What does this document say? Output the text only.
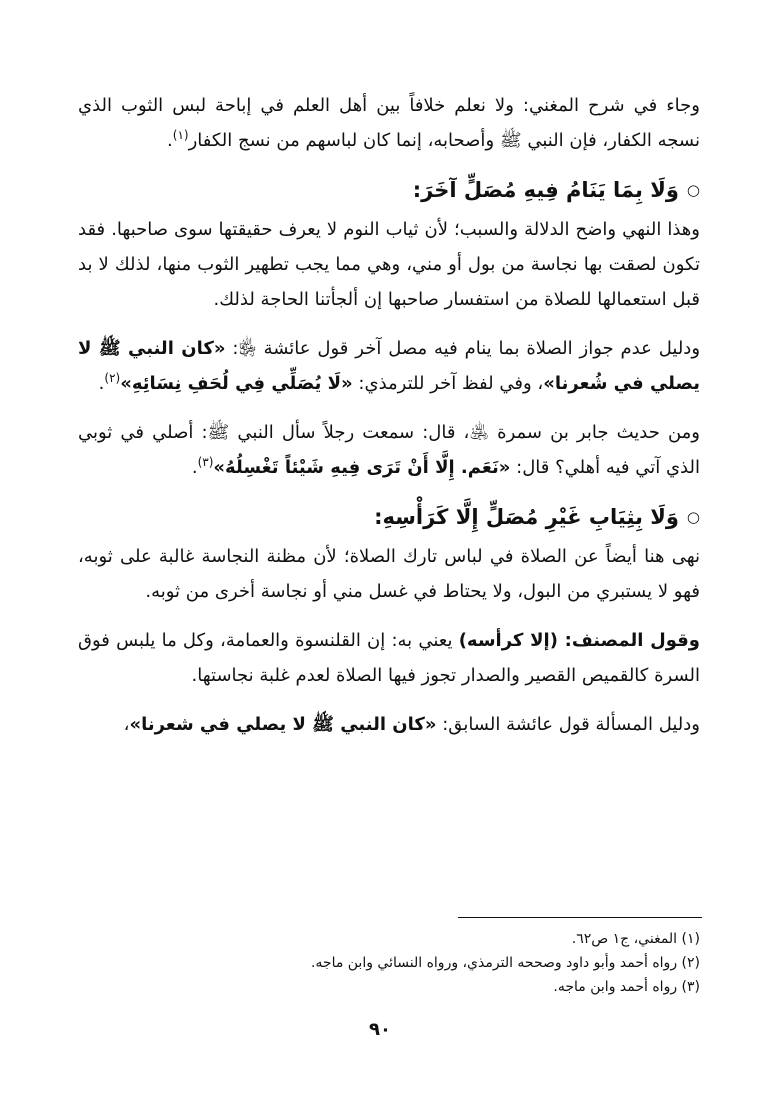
وجاء في شرح المغني: ولا نعلم خلافاً بين أهل العلم في إباحة لبس الثوب الذي نسجه الكفار، فإن النبي ﷺ وأصحابه، إنما كان لباسهم من نسج الكفار$^{(١)}$.

○وَلَا بِمَا يَنَامُ فِيهِ مُصَلٍّ آخَرَ:

وهذا النهي واضح الدلالة والسبب؛ لأن ثياب النوم لا يعرف حقيقتها سوى صاحبها. فقد تكون لصقت بها نجاسة من بول أو مني، وهي مما يجب تطهير الثوب منها، لذلك لا بد قبل استعمالها للصلاة من استفسار صاحبها إن ألجأتنا الحاجة لذلك.

ودليل عدم جواز الصلاة بما ينام فيه مصل آخر قول عائشة ﵂: «كان النبي ﷺ لا يصلي في شُعرنا»، وفي لفظ آخر للترمذي: «لَا يُصَلِّي فِي لُحَفِ نِسَائِهِ»$^{(٢)}$.

ومن حديث جابر بن سمرة ﵁، قال: سمعت رجلاً سأل النبي ﷺ: أصلي في ثوبي الذي آتي فيه أهلي؟ قال: «نَعَم. إِلَّا أَنْ تَرَى فِيهِ شَيْئاً تَغْسِلُهُ»$^{(٣)}$.

○وَلَا بِثِيَابِ غَيْرِ مُصَلٍّ إِلَّا كَرَأْسِهِ:

نهى هنا أيضاً عن الصلاة في لباس تارك الصلاة؛ لأن مظنة النجاسة غالبة على ثوبه، فهو لا يستبري من البول، ولا يحتاط في غسل مني أو نجاسة أخرى من ثوبه.

وقول المصنف: (إلا كرأسه) يعني به: إن القلنسوة والعمامة، وكل ما يلبس فوق السرة كالقميص القصير والصدار تجوز فيها الصلاة لعدم غلبة نجاستها.

ودليل المسألة قول عائشة السابق: «كان النبي ﷺ لا يصلي في شعرنا»،

(١) المغني، ج١ ص٦٢.

(٢) رواه أحمد وأبو داود وصححه الترمذي، ورواه النسائي وابن ماجه.

(٣) رواه أحمد وابن ماجه.

٩٠
